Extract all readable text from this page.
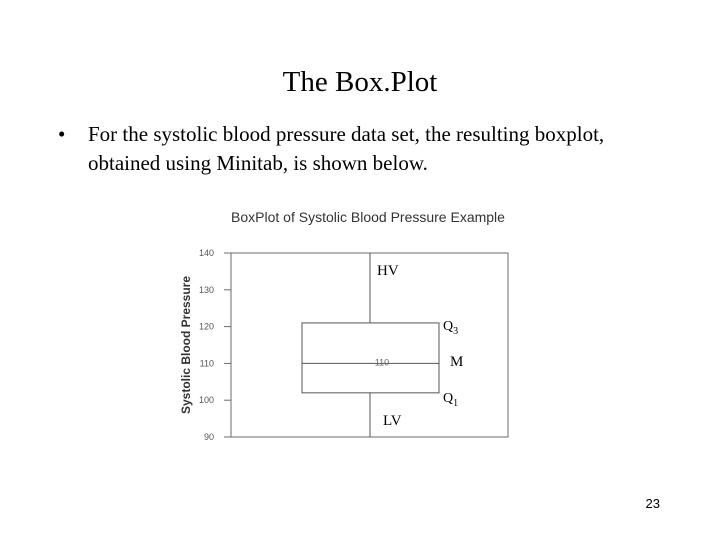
The Box.Plot
• For the systolic blood pressure data set, the resulting boxplot, obtained using Minitab, is shown below.
BoxPlot of Systolic Blood Pressure Example
Systolic Blood Pressure
90
100
110
120
130
140
110
HV
$Q_3$
M
$Q_1$
LV
23
